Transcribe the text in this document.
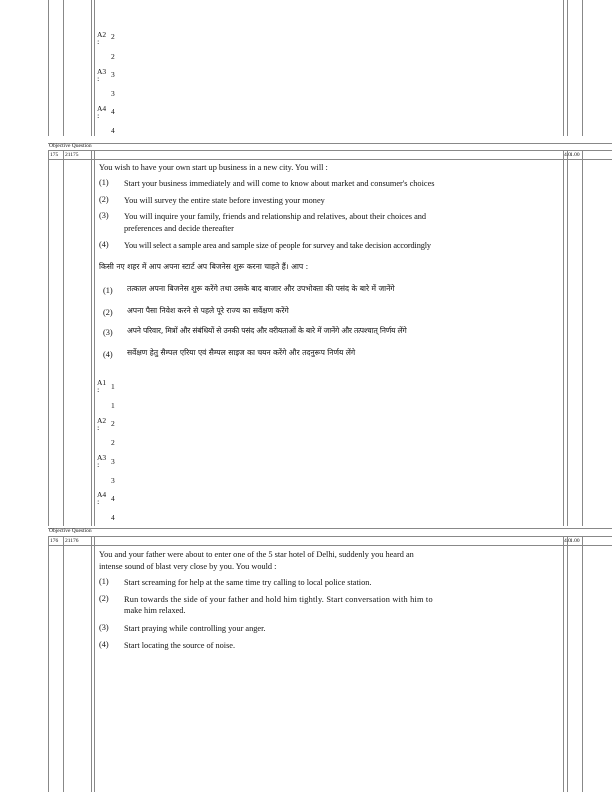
A2
:
2
2
A3
: 3
3
A4
: 4
4
Objective Question
175 21175	4.0 1.00
You wish to have your own start up business in a new city. You will :
(1) Start your business immediately and will come to know about market and consumer's choices
(2) You will survey the entire state before investing your money
(3) You will inquire your family, friends and relationship and relatives, about their choices and
preferences and decide thereafter
(4) You will select a sample area and sample size of people for survey and take decision accordingly
किसी नए शहर में आप अपना स्टार्ट अप बिजनेस शुरू करना चाहते हैं। आप :
(1) तत्काल अपना बिजनेस शुरू करेंगे तथा उसके बाद बाजार और उपभोक्ता की पसंद के बारे में जानेंगे
(2) अपना पैसा निवेश करने से पहले पूरे राज्य का सर्वेक्षण करेंगे
(3) अपने परिवार, मित्रों और संबंधियों से उनकी पसंद और वरीयताओं के बारे में जानेंगे और तत्पश्चात् निर्णय लेंगे
(4) सर्वेक्षण हेतु सैम्पल एरिया एवं सैम्पल साइज का चयन करेंगे और तदनुरूप निर्णय लेंगे
A1
: 1
1
A2
: 2
2
A3
: 3
3
A4
: 4
4
Objective Question
176 21176	4.0 1.00
You and your father were about to enter one of the 5 star hotel of Delhi, suddenly you heard an
intense sound of blast very close by you. You would :
(1) Start screaming for help at the same time try calling to local police station.
(2) Run towards the side of your father and hold him tightly. Start conversation with him to
make him relaxed.
(3) Start praying while controlling your anger.
(4) Start locating the source of noise.
